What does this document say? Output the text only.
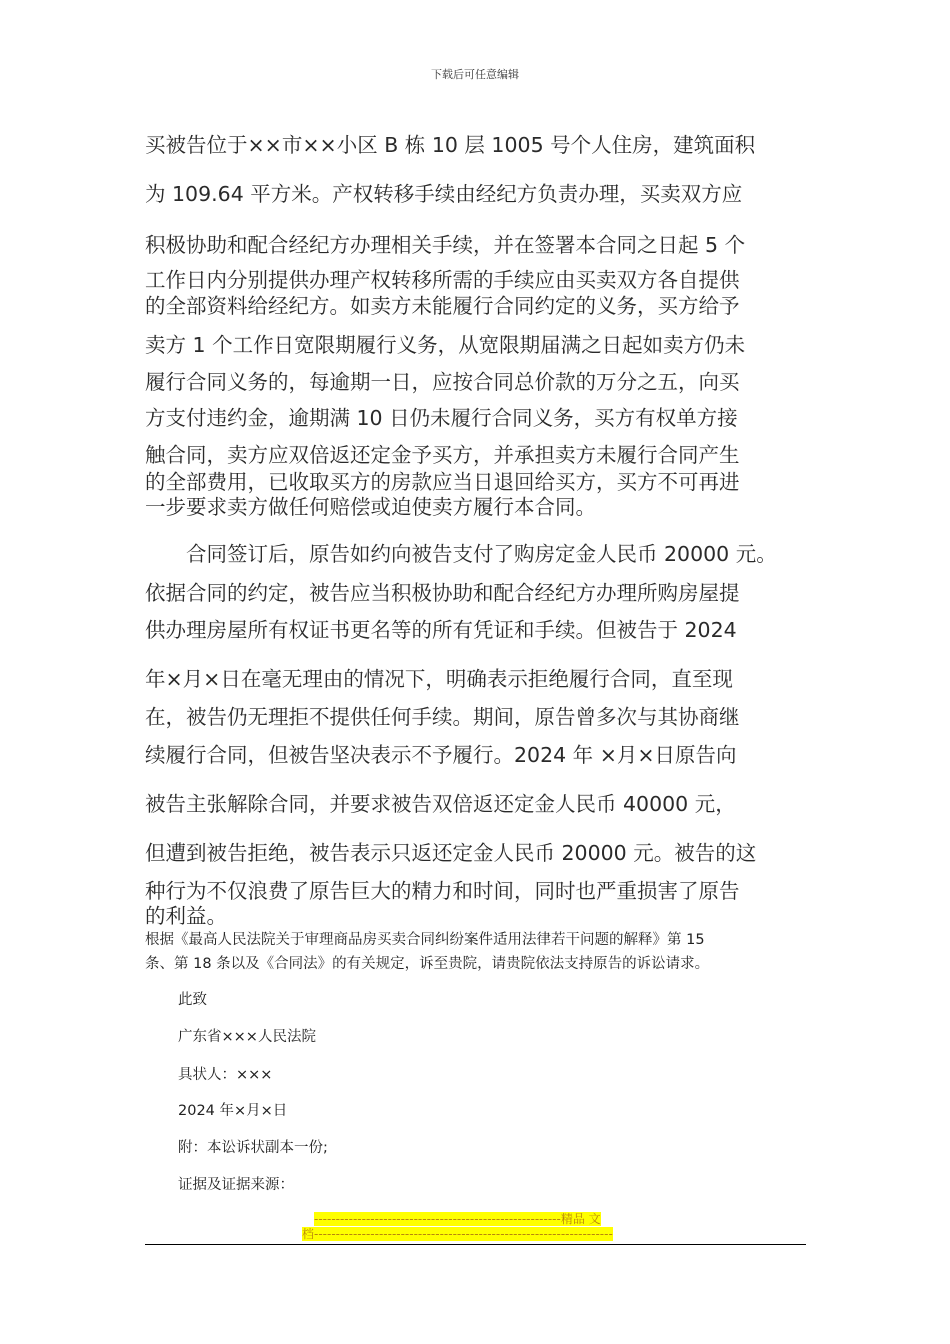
下载后可任意编辑
买被告位于××市××小区 B 栋 10 层 1005 号个人住房，建筑面积
为 109.64 平方米。产权转移手续由经纪方负责办理，买卖双方应
积极协助和配合经纪方办理相关手续，并在签署本合同之日起 5 个
工作日内分别提供办理产权转移所需的手续应由买卖双方各自提供
的全部资料给经纪方。如卖方未能履行合同约定的义务，买方给予
卖方 1 个工作日宽限期履行义务，从宽限期届满之日起如卖方仍未
履行合同义务的，每逾期一日，应按合同总价款的万分之五，向买
方支付违约金，逾期满 10 日仍未履行合同义务，买方有权单方接
触合同，卖方应双倍返还定金予买方，并承担卖方未履行合同产生
的全部费用，已收取买方的房款应当日退回给买方，买方不可再进
一步要求卖方做任何赔偿或迫使卖方履行本合同。
　　合同签订后，原告如约向被告支付了购房定金人民币 20000 元。
依据合同的约定，被告应当积极协助和配合经纪方办理所购房屋提
供办理房屋所有权证书更名等的所有凭证和手续。但被告于 2024
年×月×日在毫无理由的情况下，明确表示拒绝履行合同，直至现
在，被告仍无理拒不提供任何手续。期间，原告曾多次与其协商继
续履行合同，但被告坚决表示不予履行。2024 年 ×月×日原告向
被告主张解除合同，并要求被告双倍返还定金人民币 40000 元，
但遭到被告拒绝，被告表示只返还定金人民币 20000 元。被告的这
种行为不仅浪费了原告巨大的精力和时间，同时也严重损害了原告
的利益。
根据《最高人民法院关于审理商品房买卖合同纠纷案件适用法律若干问题的解释》第 15
条、第 18 条以及《合同法》的有关规定，诉至贵院，请贵院依法支持原告的诉讼请求。
此致
广东省×××人民法院
具状人：×××
2024 年×月×日
附：本讼诉状副本一份;
证据及证据来源：
---------------------------------------------------------精品 文
档---------------------------------------------------------------------
